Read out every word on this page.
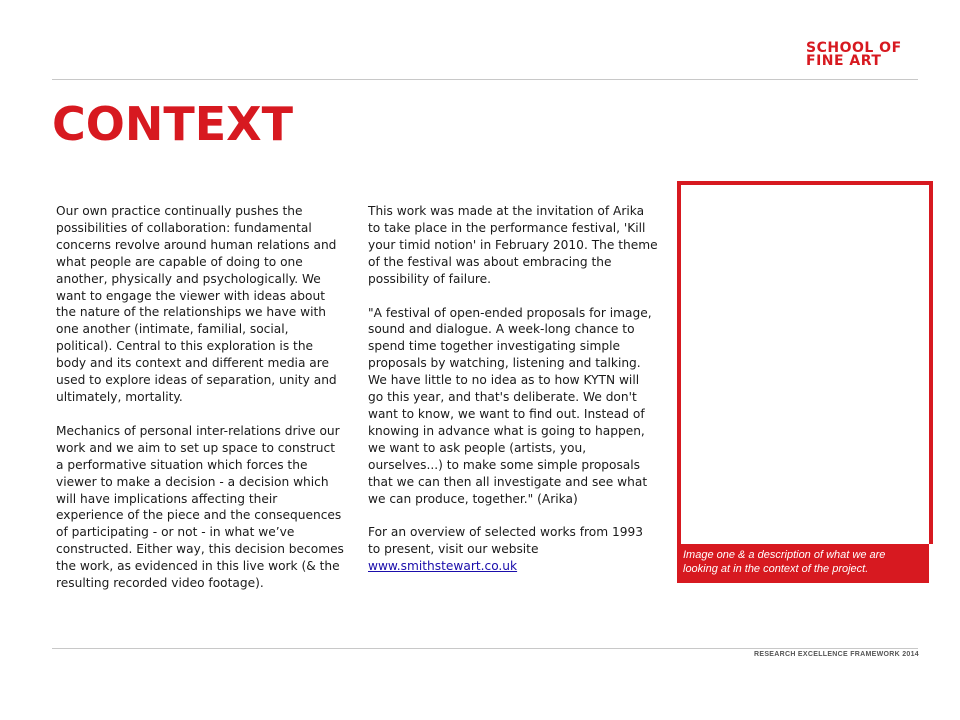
SCHOOL OF
FINE ART
CONTEXT

Our own practice continually pushes the possibilities of collaboration: fundamental concerns revolve around human relations and what people are capable of doing to one another, physically and psychologically. We want to engage the viewer with ideas about the nature of the relationships we have with one another (intimate, familial, social, political). Central to this exploration is the body and its context and different media are used to explore ideas of separation, unity and ultimately, mortality.

Mechanics of personal inter-relations drive our work and we aim to set up space to construct a performative situation which forces the viewer to make a decision - a decision which will have implications affecting their experience of the piece and the consequences of participating - or not - in what we’ve constructed. Either way, this decision becomes the work, as evidenced in this live work (& the resulting recorded video footage).

This work was made at the invitation of Arika to take place in the performance festival, 'Kill your timid notion' in February 2010. The theme of the festival was about embracing the possibility of failure.

"A festival of open-ended proposals for image, sound and dialogue. A week-long chance to spend time together investigating simple proposals by watching, listening and talking. We have little to no idea as to how KYTN will go this year, and that's deliberate. We don't want to know, we want to find out. Instead of knowing in advance what is going to happen, we want to ask people (artists, you, ourselves...) to make some simple proposals that we can then all investigate and see what we can produce, together." (Arika)

For an overview of selected works from 1993 to present, visit our website
www.smithstewart.co.uk

Image one & a description of what we are looking at in the context of the project.
RESEARCH EXCELLENCE FRAMEWORK 2014
